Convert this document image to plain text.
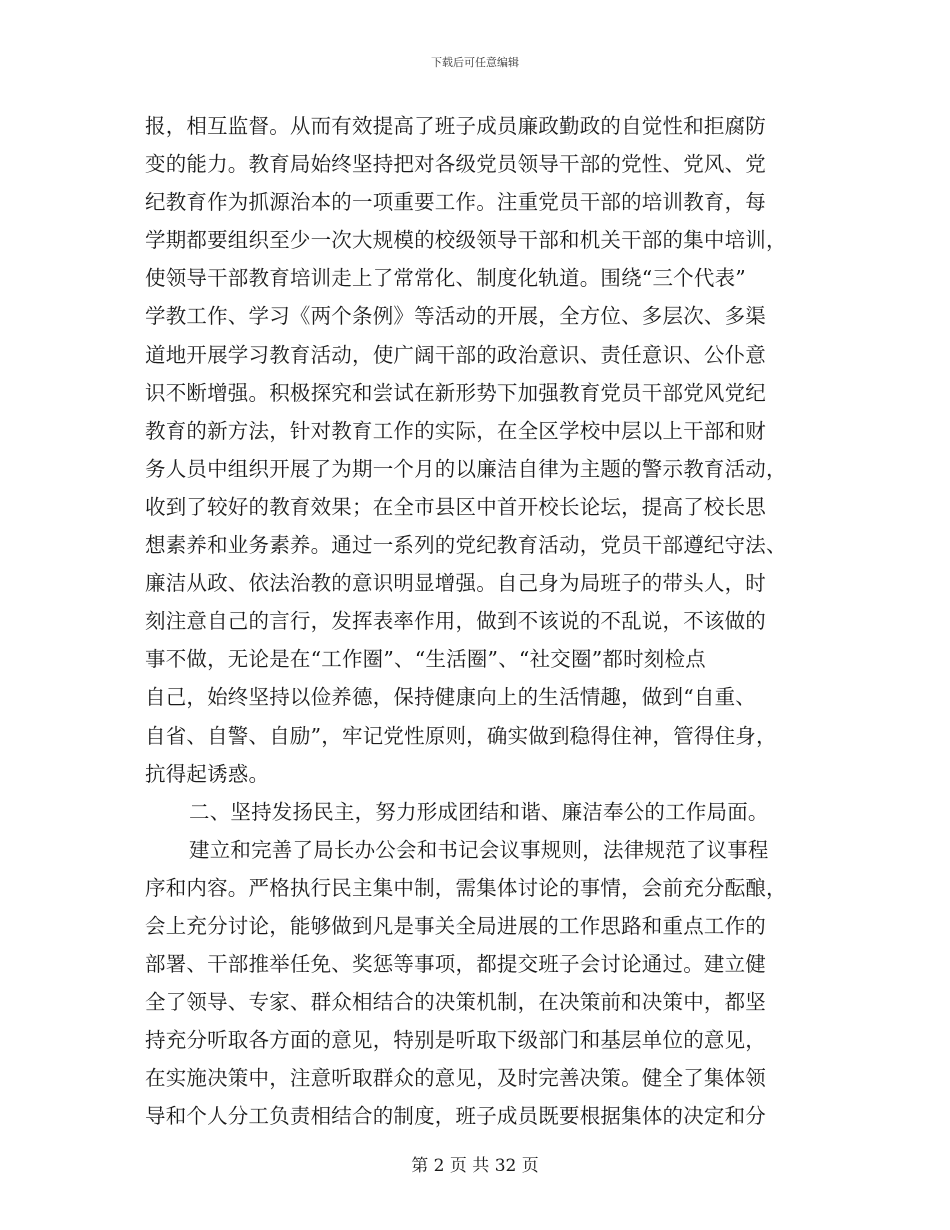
下载后可任意编辑
报，相互监督。从而有效提高了班子成员廉政勤政的自觉性和拒腐防
变的能力。教育局始终坚持把对各级党员领导干部的党性、党风、党
纪教育作为抓源治本的一项重要工作。注重党员干部的培训教育，每
学期都要组织至少一次大规模的校级领导干部和机关干部的集中培训，
使领导干部教育培训走上了常常化、制度化轨道。围绕“三个代表”
学教工作、学习《两个条例》等活动的开展，全方位、多层次、多渠
道地开展学习教育活动，使广阔干部的政治意识、责任意识、公仆意
识不断增强。积极探究和尝试在新形势下加强教育党员干部党风党纪
教育的新方法，针对教育工作的实际，在全区学校中层以上干部和财
务人员中组织开展了为期一个月的以廉洁自律为主题的警示教育活动，
收到了较好的教育效果；在全市县区中首开校长论坛，提高了校长思
想素养和业务素养。通过一系列的党纪教育活动，党员干部遵纪守法、
廉洁从政、依法治教的意识明显增强。自己身为局班子的带头人，时
刻注意自己的言行，发挥表率作用，做到不该说的不乱说，不该做的
事不做，无论是在“工作圈”、“生活圈”、“社交圈”都时刻检点
自己，始终坚持以俭养德，保持健康向上的生活情趣，做到“自重、
自省、自警、自励”，牢记党性原则，确实做到稳得住神，管得住身，
抗得起诱惑。
二、坚持发扬民主，努力形成团结和谐、廉洁奉公的工作局面。
建立和完善了局长办公会和书记会议事规则，法律规范了议事程
序和内容。严格执行民主集中制，需集体讨论的事情，会前充分酝酿，
会上充分讨论，能够做到凡是事关全局进展的工作思路和重点工作的
部署、干部推举任免、奖惩等事项，都提交班子会讨论通过。建立健
全了领导、专家、群众相结合的决策机制，在决策前和决策中，都坚
持充分听取各方面的意见，特别是听取下级部门和基层单位的意见，
在实施决策中，注意听取群众的意见，及时完善决策。健全了集体领
导和个人分工负责相结合的制度，班子成员既要根据集体的决定和分
第 2 页 共 32 页
